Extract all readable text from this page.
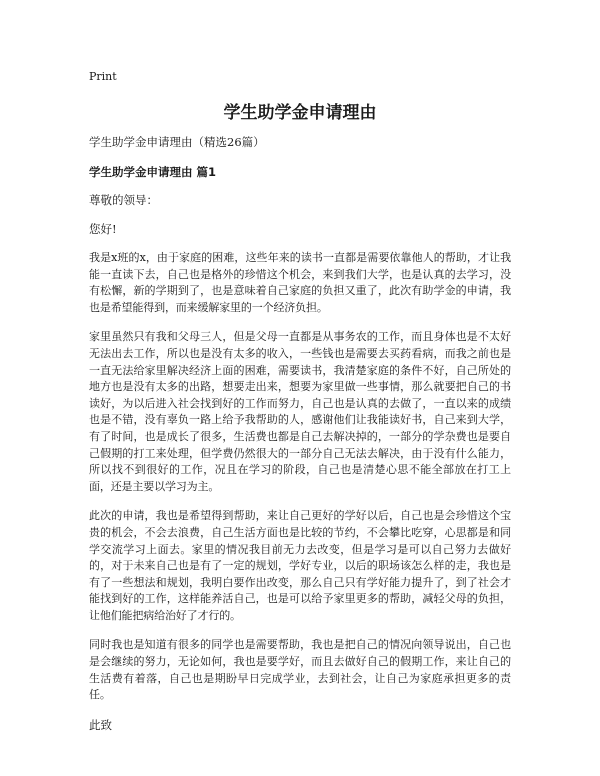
Print
学生助学金申请理由

学生助学金申请理由（精选26篇）

学生助学金申请理由 篇1

尊敬的领导：

您好!

我是x班的x，由于家庭的困难，这些年来的读书一直都是需要依靠他人的帮助，才让我能一直读下去，自己也是格外的珍惜这个机会，来到我们大学，也是认真的去学习，没有松懈，新的学期到了，也是意味着自己家庭的负担又重了，此次有助学金的申请，我也是希望能得到，而来缓解家里的一个经济负担。

家里虽然只有我和父母三人，但是父母一直都是从事务农的工作，而且身体也是不太好无法出去工作，所以也是没有太多的收入，一些钱也是需要去买药看病，而我之前也是一直无法给家里解决经济上面的困难，需要读书，我清楚家庭的条件不好，自己所处的地方也是没有太多的出路，想要走出来，想要为家里做一些事情，那么就要把自己的书读好，为以后进入社会找到好的工作而努力，自己也是认真的去做了，一直以来的成绩也是不错，没有辜负一路上给予我帮助的人，感谢他们让我能读好书，自己来到大学，有了时间，也是成长了很多，生活费也都是自己去解决掉的，一部分的学杂费也是要自己假期的打工来处理，但学费仍然很大的一部分自己无法去解决，由于没有什么能力，所以找不到很好的工作，况且在学习的阶段，自己也是清楚心思不能全部放在打工上面，还是主要以学习为主。

此次的申请，我也是希望得到帮助，来让自己更好的学好以后，自己也是会珍惜这个宝贵的机会，不会去浪费，自己生活方面也是比较的节约，不会攀比吃穿，心思都是和同学交流学习上面去。家里的情况我目前无力去改变，但是学习是可以自己努力去做好的，对于未来自己也是有了一定的规划，学好专业，以后的职场该怎么样的走，我也是有了一些想法和规划，我明白要作出改变，那么自己只有学好能力提升了，到了社会才能找到好的工作，这样能养活自己，也是可以给予家里更多的帮助，减轻父母的负担，让他们能把病给治好了才行的。

同时我也是知道有很多的同学也是需要帮助，我也是把自己的情况向领导说出，自己也是会继续的努力，无论如何，我也是要学好，而且去做好自己的假期工作，来让自己的生活费有着落，自己也是期盼早日完成学业，去到社会，让自己为家庭承担更多的责任。

此致
